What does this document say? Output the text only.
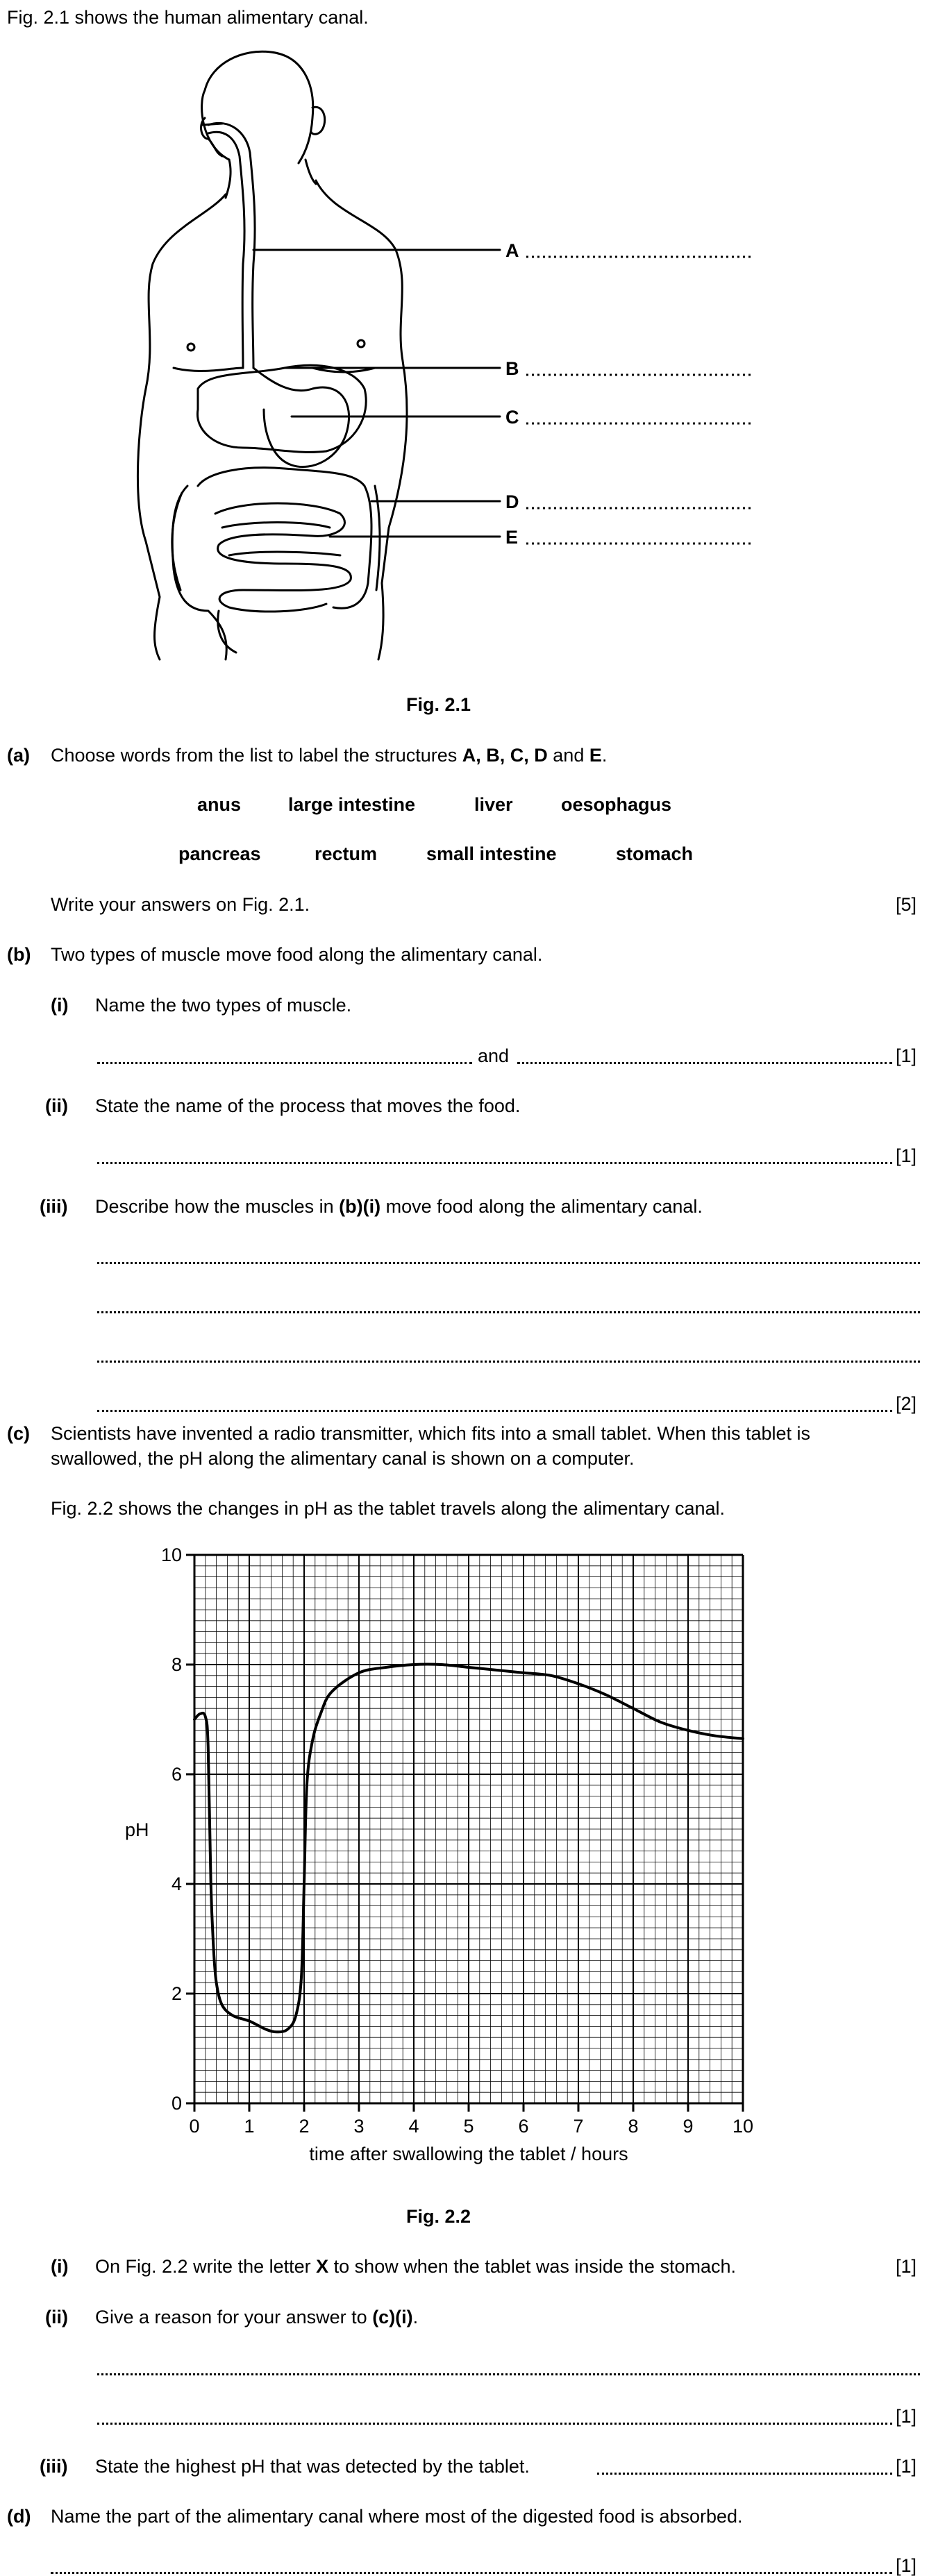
Fig. 2.1 shows the human alimentary canal.
A
B
C
D
E
Fig. 2.1
(a) Choose words from the list to label the structures A, B, C, D and E.
anus	large intestine	liver	oesophagus
pancreas	rectum	small intestine	stomach
Write your answers on Fig. 2.1.	[5]
(b) Two types of muscle move food along the alimentary canal.
(i) Name the two types of muscle.
and	[1]
(ii) State the name of the process that moves the food.
[1]
(iii) Describe how the muscles in (b)(i) move food along the alimentary canal.
[2]
(c) Scientists have invented a radio transmitter, which fits into a small tablet. When this tablet is
swallowed, the pH along the alimentary canal is shown on a computer.
Fig. 2.2 shows the changes in pH as the tablet travels along the alimentary canal.
0
2
4
6
8
10
0 1 2 3 4 5 6 7 8 9 10
pH
time after swallowing the tablet / hours
Fig. 2.2
(i) On Fig. 2.2 write the letter X to show when the tablet was inside the stomach.	[1]
(ii) Give a reason for your answer to (c)(i).
[1]
(iii) State the highest pH that was detected by the tablet.	[1]
(d) Name the part of the alimentary canal where most of the digested food is absorbed.
[1]
